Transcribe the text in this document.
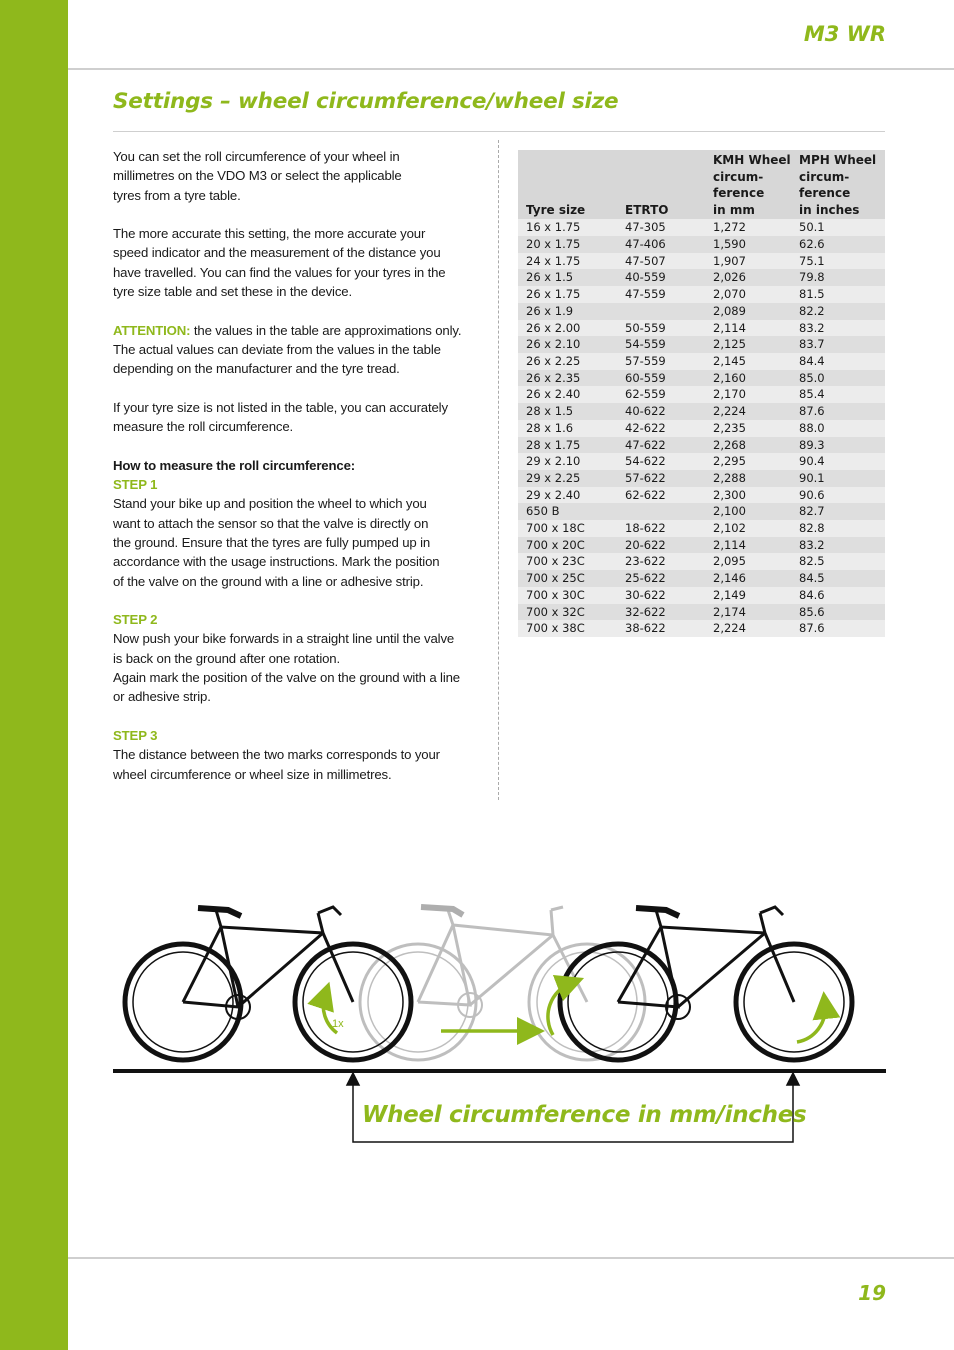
M3 WR
Settings – wheel circumference/wheel size

You can set the roll circumference of your wheel in
millimetres on the VDO M3 or select the applicable
tyres from a tyre table.

The more accurate this setting, the more accurate your
speed indicator and the measurement of the distance you
have travelled. You can find the values for your tyres in the
tyre size table and set these in the device.

ATTENTION: the values in the table are approximations only.
The actual values can deviate from the values in the table
depending on the manufacturer and the tyre tread.

If your tyre size is not listed in the table, you can accurately
measure the roll circumference.

How to measure the roll circumference:

STEP 1

Stand your bike up and position the wheel to which you
want to attach the sensor so that the valve is directly on
the ground. Ensure that the tyres are fully pumped up in
accordance with the usage instructions. Mark the position
of the valve on the ground with a line or adhesive strip.

STEP 2

Now push your bike forwards in a straight line until the valve
is back on the ground after one rotation.
Again mark the position of the valve on the ground with a line
or adhesive strip.

STEP 3

The distance between the two marks corresponds to your
wheel circumference or wheel size in millimetres.

Tyre size	ETRTO	KMH Wheel
circum-
ference
in mm	MPH Wheel
circum-
ference
in inches
16 x 1.75	47-305	1,272	50.1
20 x 1.75	47-406	1,590	62.6
24 x 1.75	47-507	1,907	75.1
26 x 1.5	40-559	2,026	79.8
26 x 1.75	47-559	2,070	81.5
26 x 1.9		2,089	82.2
26 x 2.00	50-559	2,114	83.2
26 x 2.10	54-559	2,125	83.7
26 x 2.25	57-559	2,145	84.4
26 x 2.35	60-559	2,160	85.0
26 x 2.40	62-559	2,170	85.4
28 x 1.5	40-622	2,224	87.6
28 x 1.6	42-622	2,235	88.0
28 x 1.75	47-622	2,268	89.3
29 x 2.10	54-622	2,295	90.4
29 x 2.25	57-622	2,288	90.1
29 x 2.40	62-622	2,300	90.6
650 B		2,100	82.7
700 x 18C	18-622	2,102	82.8
700 x 20C	20-622	2,114	83.2
700 x 23C	23-622	2,095	82.5
700 x 25C	25-622	2,146	84.5
700 x 30C	30-622	2,149	84.6
700 x 32C	32-622	2,174	85.6
700 x 38C	38-622	2,224	87.6
1x
Wheel circumference in mm/inches
19
